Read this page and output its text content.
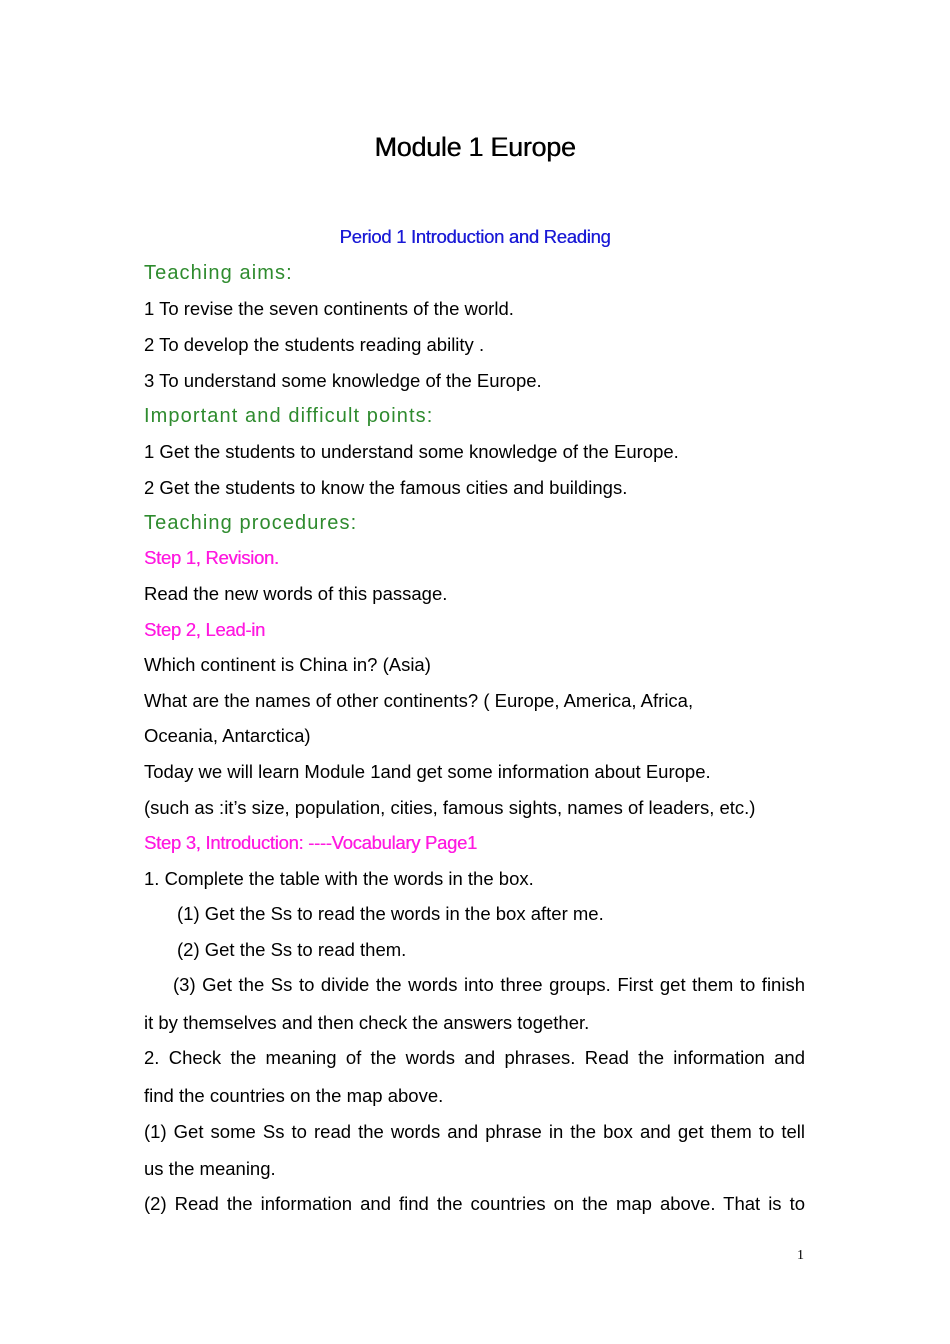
Module 1 Europe
Period 1 Introduction and Reading
Teaching aims:
1 To revise the seven continents of the world.
2 To develop the students reading ability .
3 To understand some knowledge of the Europe.
Important and difficult points:
1 Get the students to understand some knowledge of the Europe.
2 Get the students to know the famous cities and buildings.
Teaching procedures:
Step 1, Revision.
Read the new words of this passage.
Step 2, Lead-in
Which continent is China in? (Asia)
What are the names of other continents? ( Europe, America, Africa,
Oceania, Antarctica)
Today we will learn Module 1and get some information about Europe.
(such as :it’s size, population, cities, famous sights, names of leaders, etc.)
Step 3, Introduction: ----Vocabulary Page1
1. Complete the table with the words in the box.
(1) Get the Ss to read the words in the box after me.
(2) Get the Ss to read them.
(3) Get the Ss to divide the words into three groups. First get them to finish
it by themselves and then check the answers together.
2. Check the meaning of the words and phrases. Read the information and
find the countries on the map above.
(1) Get some Ss to read the words and phrase in the box and get them to tell
us the meaning.
(2) Read the information and find the countries on the map above. That is to
1
